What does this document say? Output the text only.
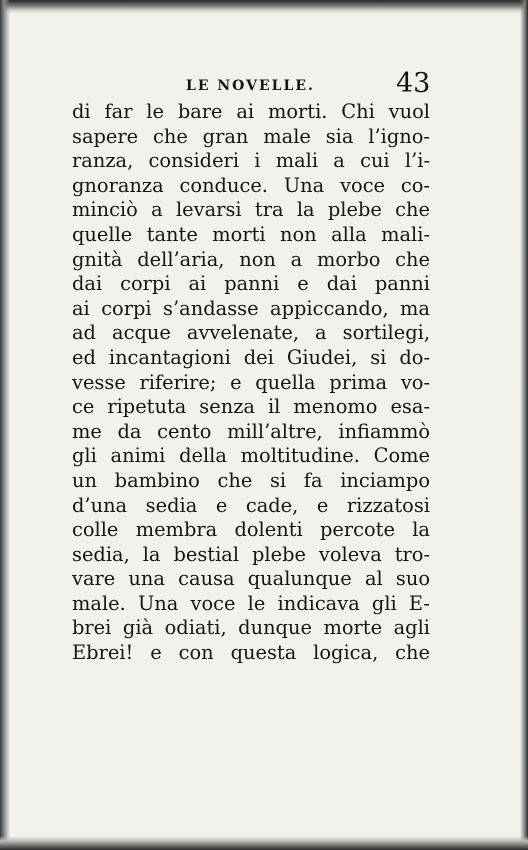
LE NOVELLE.	43
di far le bare ai morti. Chi vuol
sapere che gran male sia l’igno-
ranza, consideri i mali a cui l’i-
gnoranza conduce. Una voce co-
minciò a levarsi tra la plebe che
quelle tante morti non alla mali-
gnità dell’aria, non a morbo che
dai corpi ai panni e dai panni
ai corpi s’andasse appiccando, ma
ad acque avvelenate, a sortilegi,
ed incantagioni dei Giudei, si do-
vesse riferire; e quella prima vo-
ce ripetuta senza il menomo esa-
me da cento mill’altre, infiammò
gli animi della moltitudine. Come
un bambino che si fa inciampo
d’una sedia e cade, e rizzatosi
colle membra dolenti percote la
sedia, la bestial plebe voleva tro-
vare una causa qualunque al suo
male. Una voce le indicava gli E-
brei già odiati, dunque morte agli
Ebrei! e con questa logica, che
